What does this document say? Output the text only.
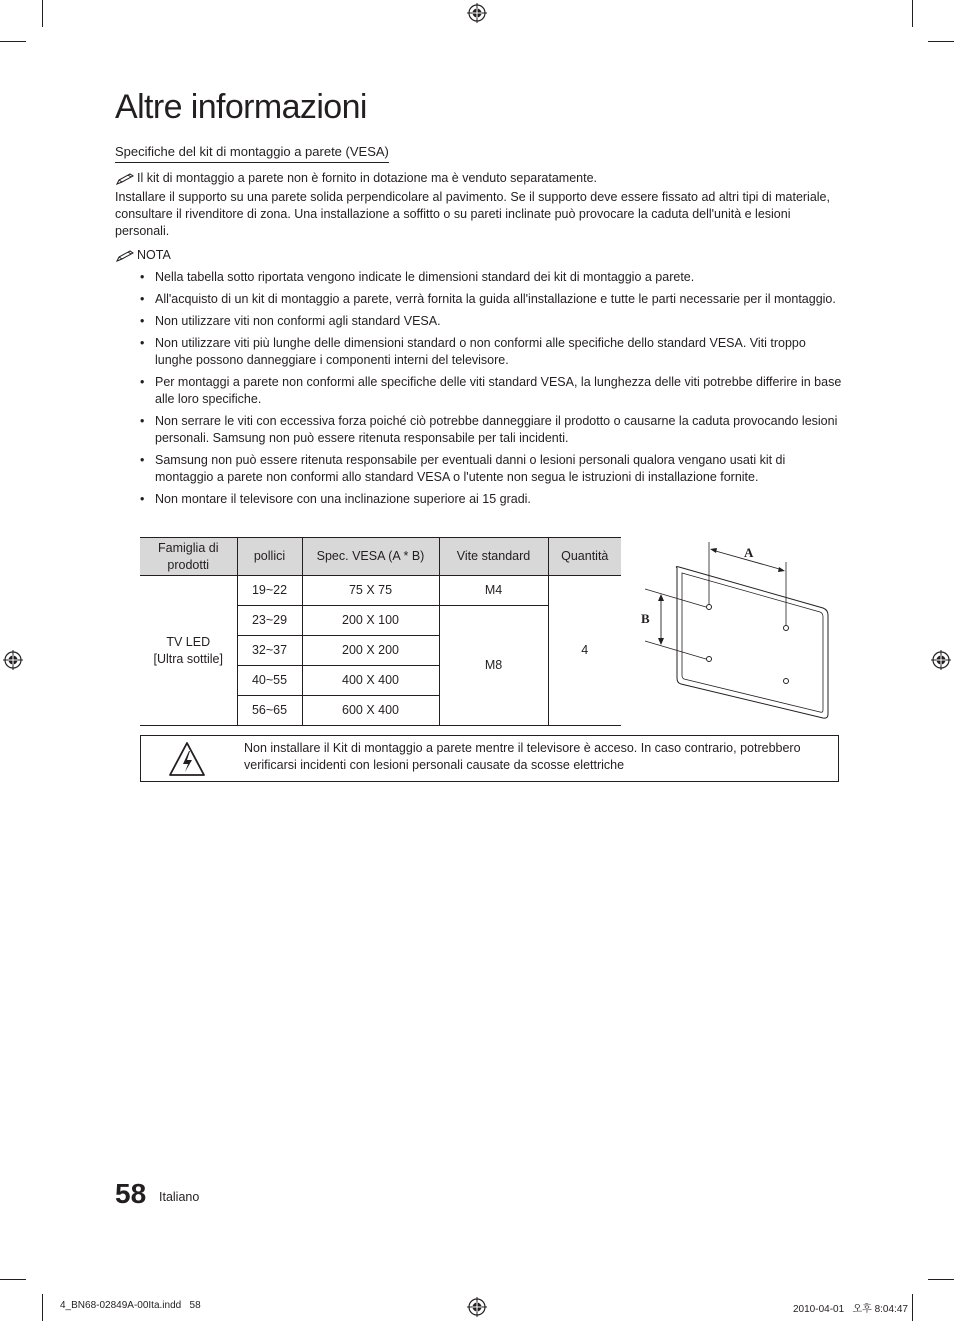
Altre informazioni
Specifiche del kit di montaggio a parete (VESA)
Il kit di montaggio a parete non è fornito in dotazione ma è venduto separatamente.
Installare il supporto su una parete solida perpendicolare al pavimento. Se il supporto deve essere fissato ad altri tipi di materiale, consultare il rivenditore di zona. Una installazione a soffitto o su pareti inclinate può provocare la caduta dell'unità e lesioni personali.
NOTA
• Nella tabella sotto riportata vengono indicate le dimensioni standard dei kit di montaggio a parete.
• All'acquisto di un kit di montaggio a parete, verrà fornita la guida all'installazione e tutte le parti necessarie per il montaggio.
• Non utilizzare viti non conformi agli standard VESA.
• Non utilizzare viti più lunghe delle dimensioni standard o non conformi alle specifiche dello standard VESA. Viti troppo lunghe possono danneggiare i componenti interni del televisore.
• Per montaggi a parete non conformi alle specifiche delle viti standard VESA, la lunghezza delle viti potrebbe differire in base alle loro specifiche.
• Non serrare le viti con eccessiva forza poiché ciò potrebbe danneggiare il prodotto o causarne la caduta provocando lesioni personali. Samsung non può essere ritenuta responsabile per tali incidenti.
• Samsung non può essere ritenuta responsabile per eventuali danni o lesioni personali qualora vengano usati kit di montaggio a parete non conformi allo standard VESA o l'utente non segua le istruzioni di installazione fornite.
• Non montare il televisore con una inclinazione superiore ai 15 gradi.
Famiglia di prodotti	pollici	Spec. VESA (A * B)	Vite standard	Quantità
TV LED
[Ultra sottile]	19~22	75 X 75	M4	4
	23~29	200 X 100	M8	
	32~37	200 X 200		
	40~55	400 X 400		
	56~65	600 X 400		
A
B
Non installare il Kit di montaggio a parete mentre il televisore è acceso. In caso contrario, potrebbero verificarsi incidenti con lesioni personali causate da scosse elettriche
58 Italiano
4_BN68-02849A-00Ita.indd   58	2010-04-01   오후 8:04:47
